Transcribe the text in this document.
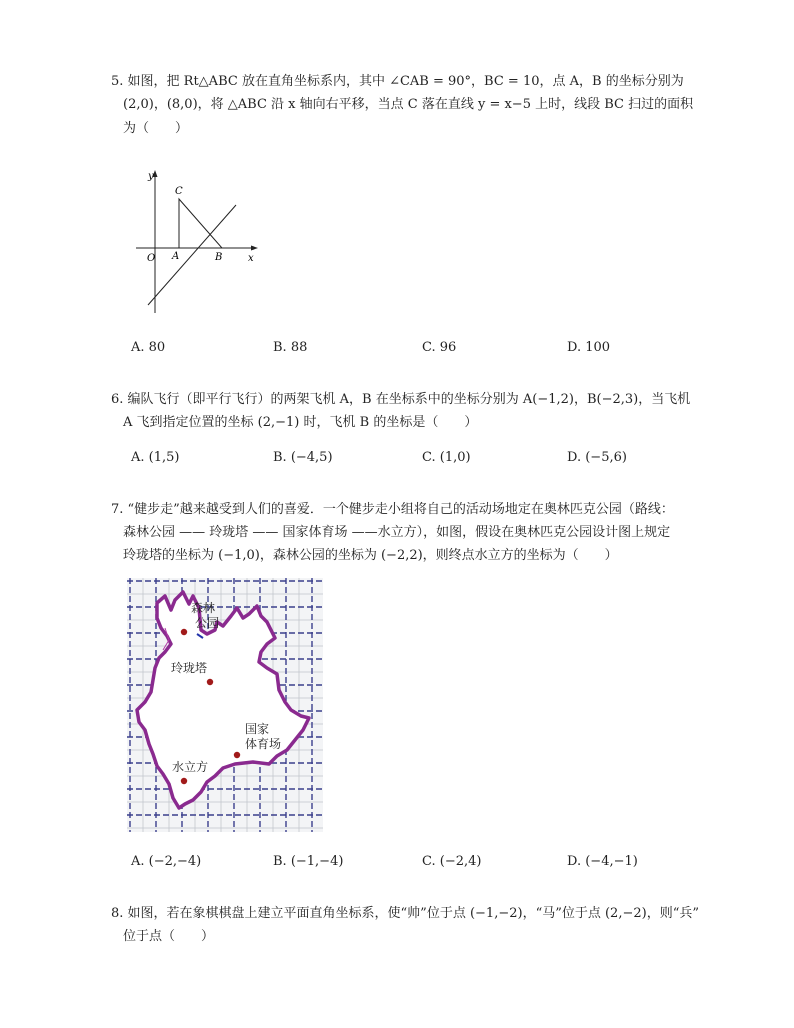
5. 如图，把 Rt△ABC 放在直角坐标系内，其中 ∠CAB = 90°，BC = 10，点 A，B 的坐标分别为
(2,0)，(8,0)，将 △ABC 沿 x 轴向右平移，当点 C 落在直线 y = x−5 上时，线段 BC 扫过的面积
为（　　）
y
x
O A	B
C
A. 80	B. 88	C. 96	D. 100
6. 编队飞行（即平行飞行）的两架飞机 A，B 在坐标系中的坐标分别为 A(−1,2)，B(−2,3)，当飞机
A 飞到指定位置的坐标 (2,−1) 时，飞机 B 的坐标是（　　）
A. (1,5)	B. (−4,5)	C. (1,0)	D. (−5,6)
7. “健步走”越来越受到人们的喜爱．一个健步走小组将自己的活动场地定在奥林匹克公园（路线：
森林公园 —— 玲珑塔 —— 国家体育场 ——水立方），如图，假设在奥林匹克公园设计图上规定
玲珑塔的坐标为 (−1,0)，森林公园的坐标为 (−2,2)，则终点水立方的坐标为（　　）
森林
公园
玲珑塔
国家
体育场
水立方
A. (−2,−4)	B. (−1,−4)	C. (−2,4)	D. (−4,−1)
8. 如图，若在象棋棋盘上建立平面直角坐标系，使“帅”位于点 (−1,−2)，“马”位于点 (2,−2)，则“兵”
位于点（　　）
